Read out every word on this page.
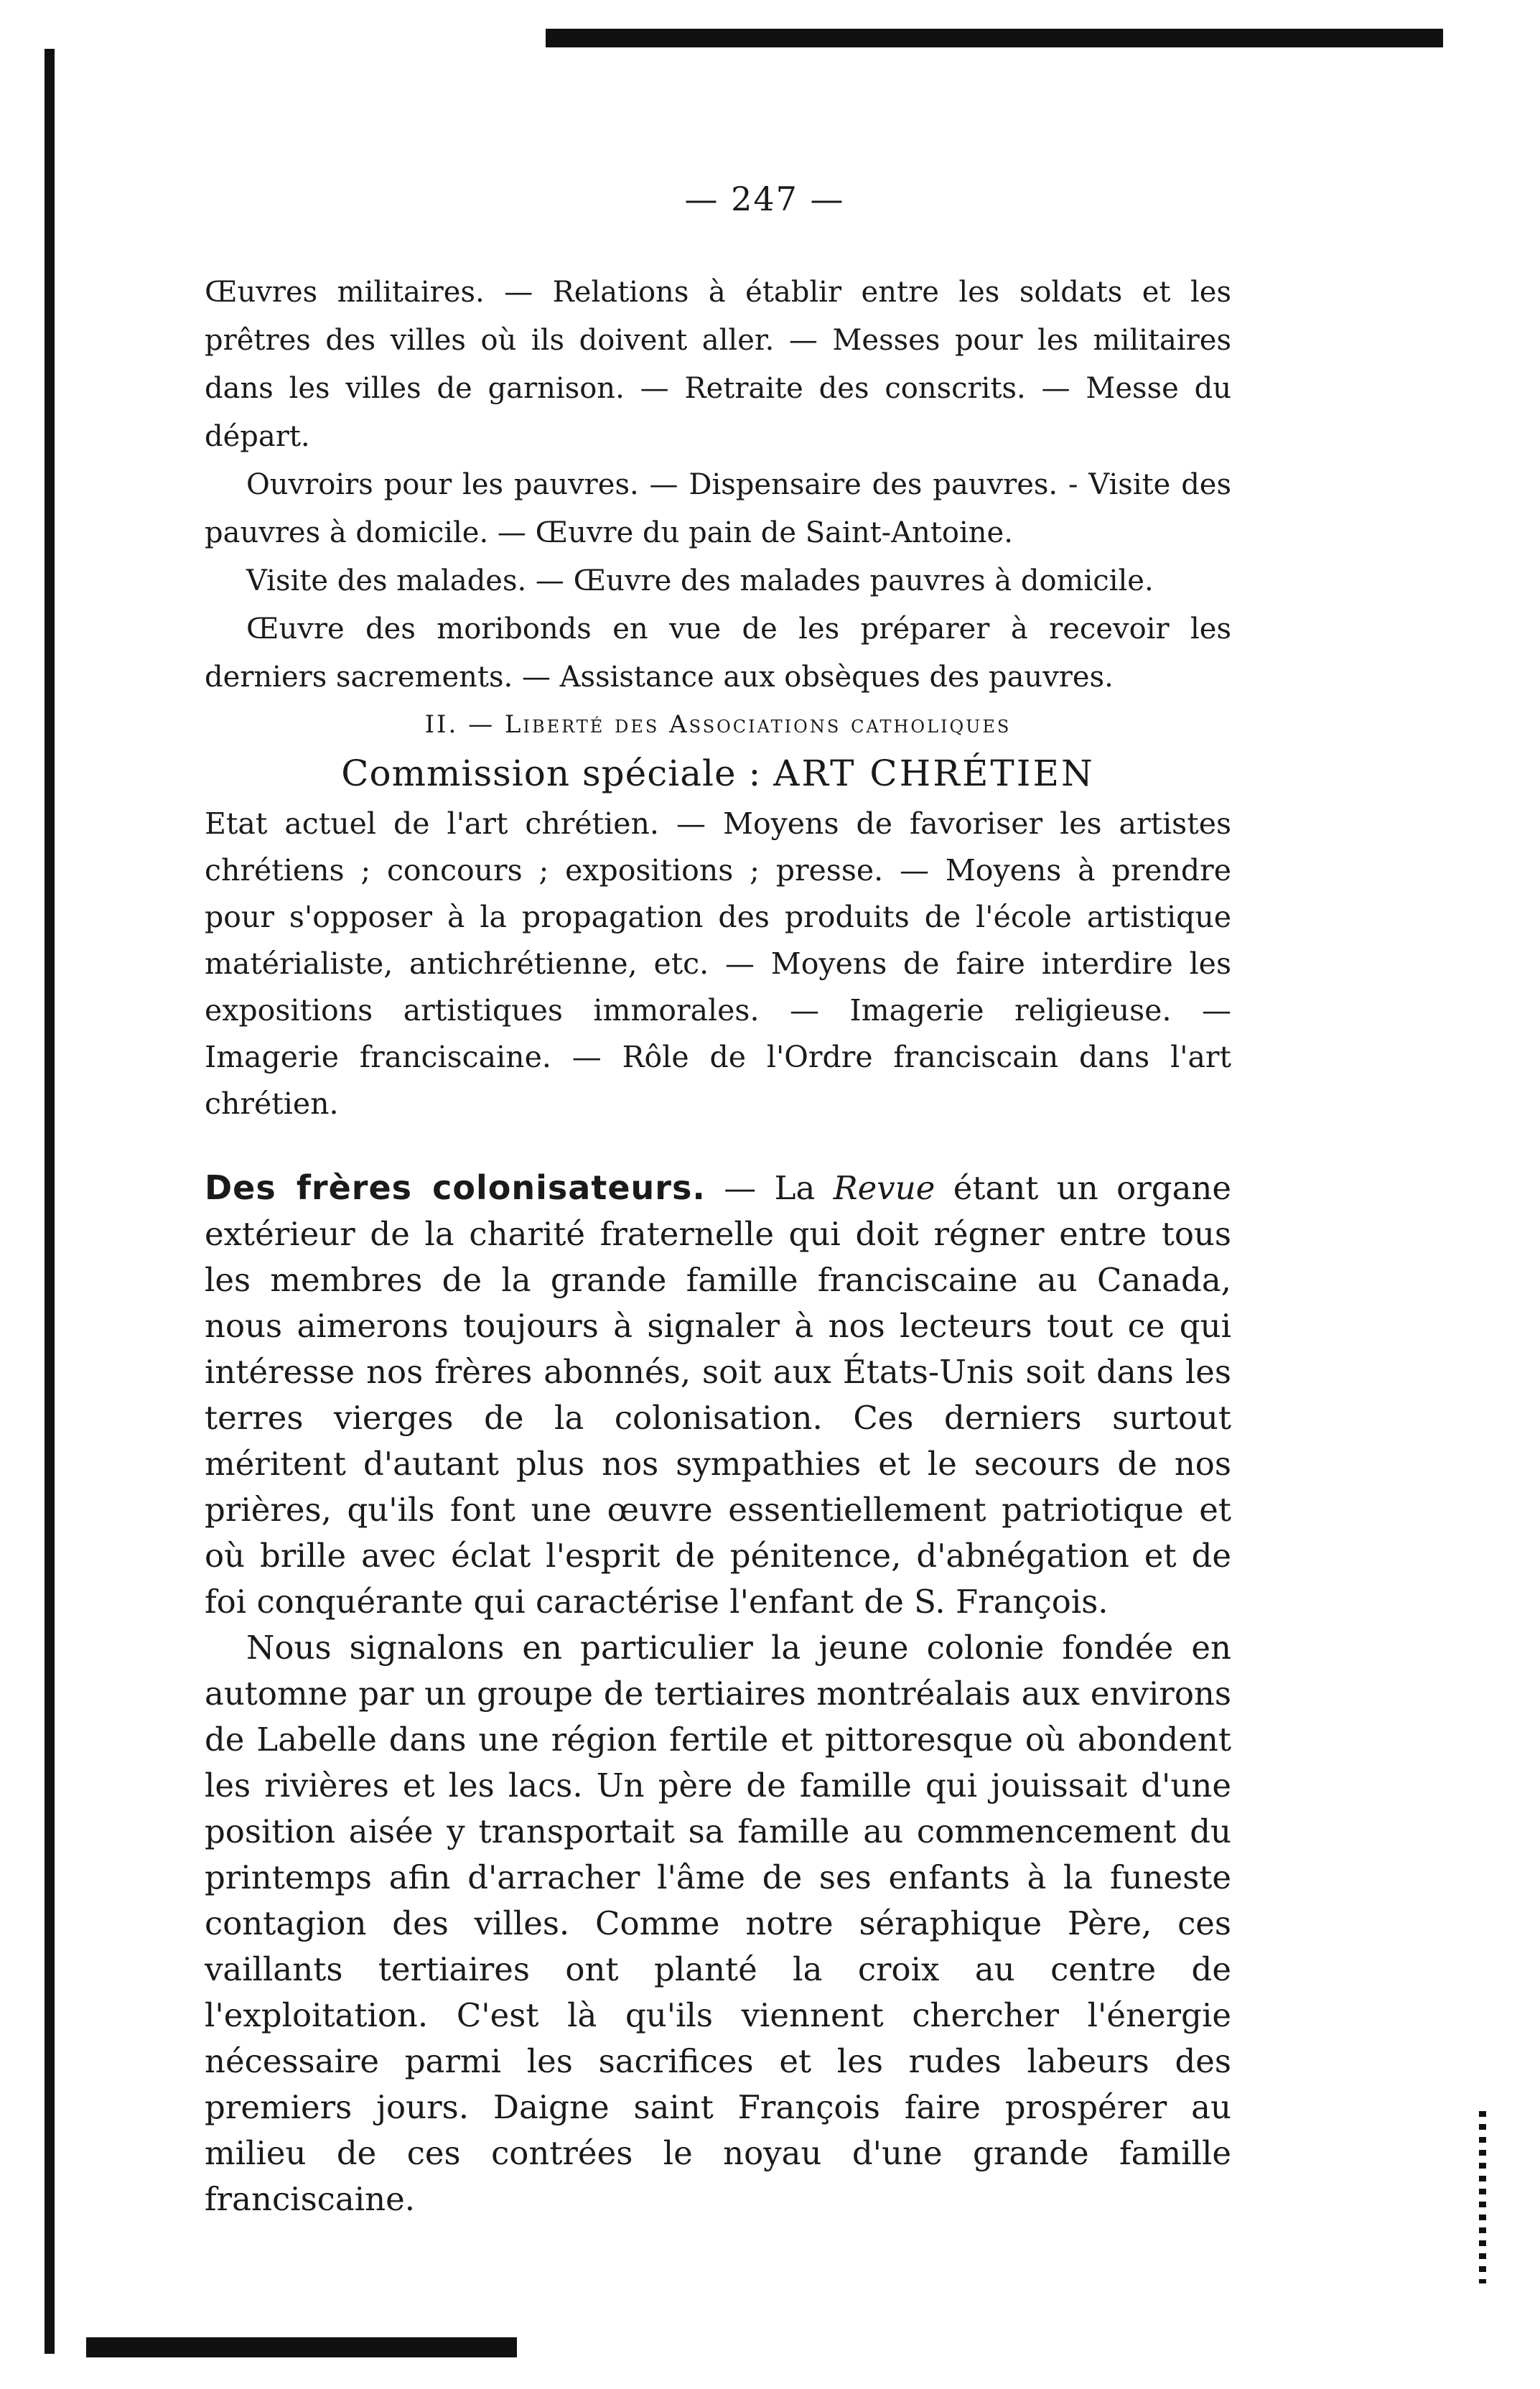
— 247 —

Œuvres militaires. — Relations à établir entre les soldats et les prêtres des villes où ils doivent aller. — Messes pour les militaires dans les villes de garnison. — Retraite des conscrits. — Messe du départ.

Ouvroirs pour les pauvres. — Dispensaire des pauvres. - Visite des pauvres à domicile. — Œuvre du pain de Saint-Antoine.

Visite des malades. — Œuvre des malades pauvres à domicile.

Œuvre des moribonds en vue de les préparer à recevoir les derniers sacrements. — Assistance aux obsèques des pauvres.

II. — Liberté des Associations catholiques
Commission spéciale : ART CHRÉTIEN

Etat actuel de l'art chrétien. — Moyens de favoriser les artistes chrétiens ; concours ; expositions ; presse. — Moyens à prendre pour s'opposer à la propagation des produits de l'école artistique matérialiste, antichrétienne, etc. — Moyens de faire interdire les expositions artistiques immorales. — Imagerie religieuse. — Imagerie franciscaine. — Rôle de l'Ordre franciscain dans l'art chrétien.

Des frères colonisateurs. — La Revue étant un organe extérieur de la charité fraternelle qui doit régner entre tous les membres de la grande famille franciscaine au Canada, nous aimerons toujours à signaler à nos lecteurs tout ce qui intéresse nos frères abonnés, soit aux États-Unis soit dans les terres vierges de la colonisation. Ces derniers surtout méritent d'autant plus nos sympathies et le secours de nos prières, qu'ils font une œuvre essentiellement patriotique et où brille avec éclat l'esprit de pénitence, d'abnégation et de foi conquérante qui caractérise l'enfant de S. François.

Nous signalons en particulier la jeune colonie fondée en automne par un groupe de tertiaires montréalais aux environs de Labelle dans une région fertile et pittoresque où abondent les rivières et les lacs. Un père de famille qui jouissait d'une position aisée y transportait sa famille au commencement du printemps afin d'arracher l'âme de ses enfants à la funeste contagion des villes. Comme notre séraphique Père, ces vaillants tertiaires ont planté la croix au centre de l'exploitation. C'est là qu'ils viennent chercher l'énergie nécessaire parmi les sacrifices et les rudes labeurs des premiers jours. Daigne saint François faire prospérer au milieu de ces contrées le noyau d'une grande famille franciscaine.
